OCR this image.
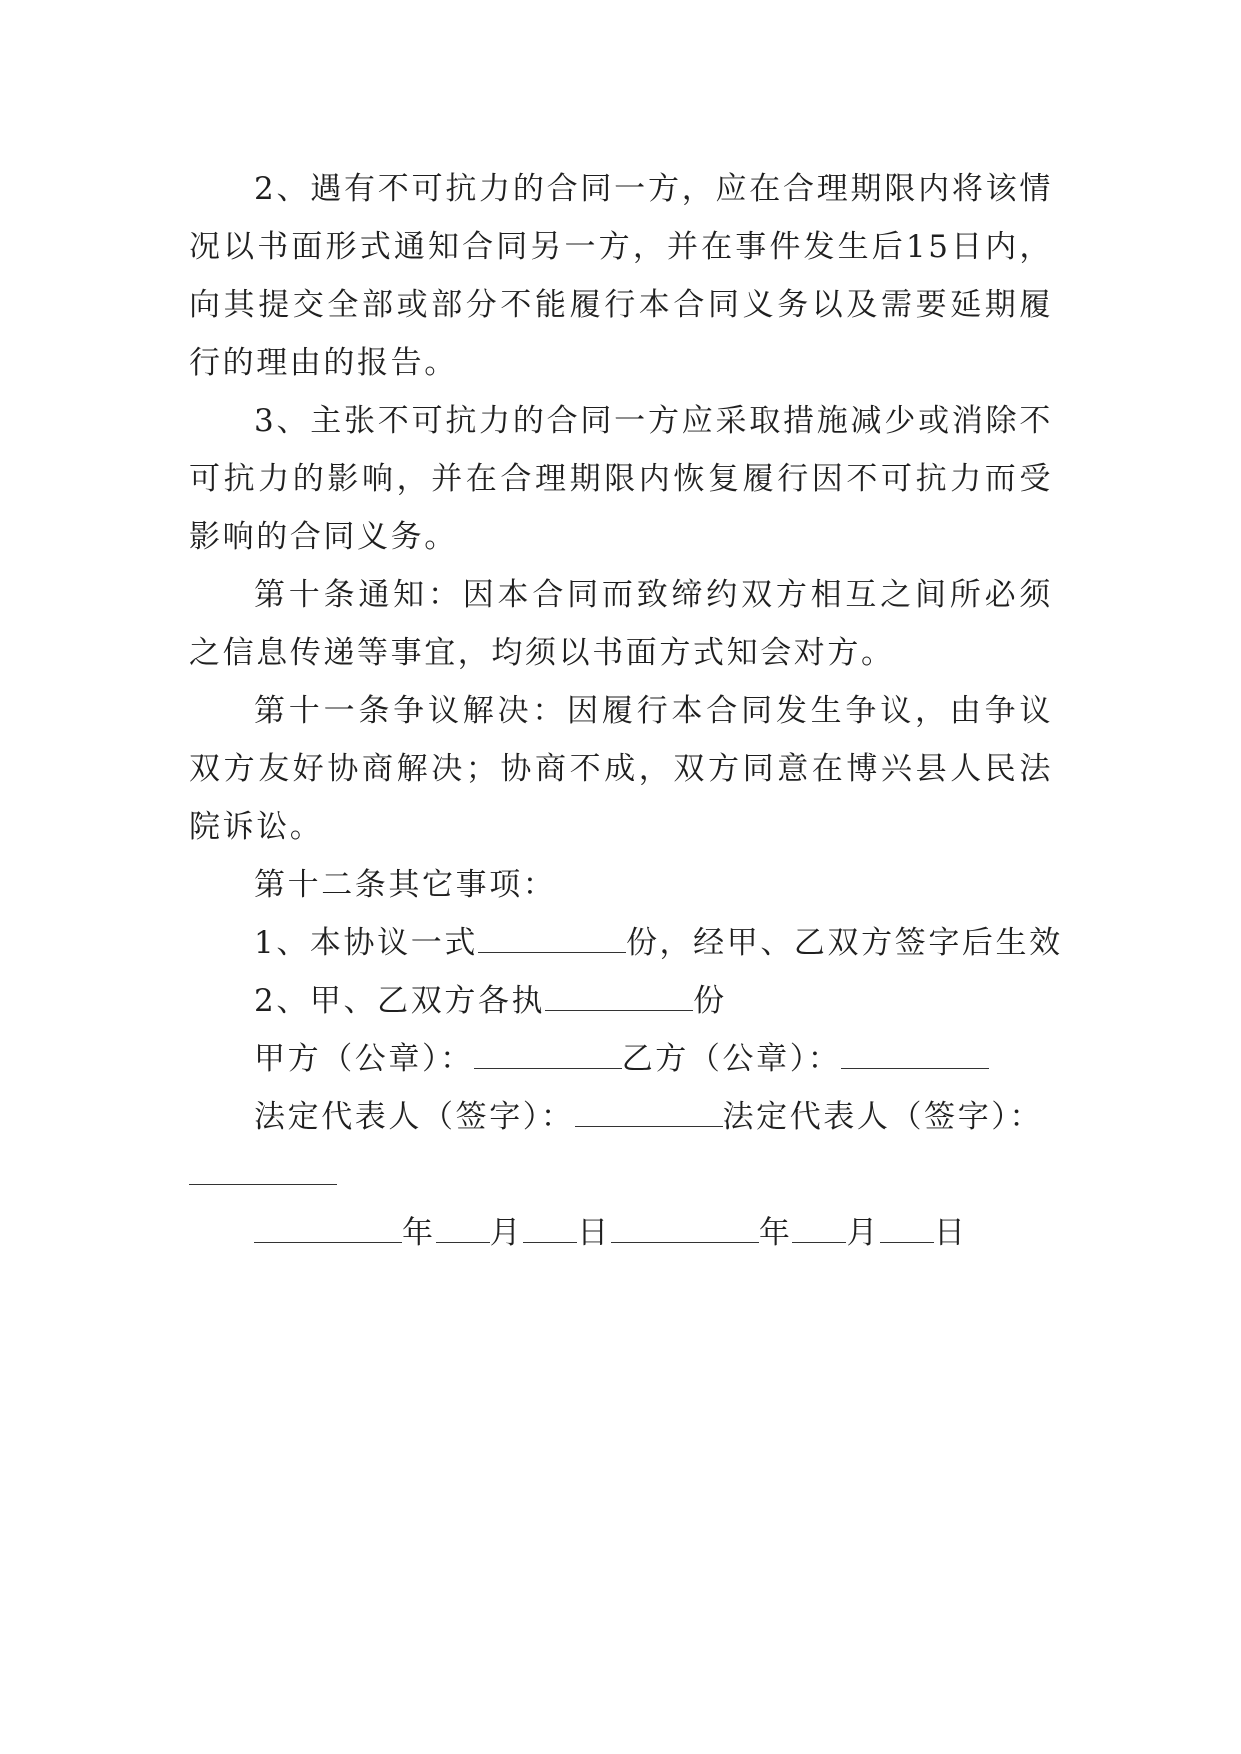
2、遇有不可抗力的合同一方，应在合理期限内将该情况以书面形式通知合同另一方，并在事件发生后15日内，向其提交全部或部分不能履行本合同义务以及需要延期履行的理由的报告。

3、主张不可抗力的合同一方应采取措施减少或消除不可抗力的影响，并在合理期限内恢复履行因不可抗力而受影响的合同义务。

第十条通知：因本合同而致缔约双方相互之间所必须之信息传递等事宜，均须以书面方式知会对方。

第十一条争议解决：因履行本合同发生争议，由争议双方友好协商解决；协商不成，双方同意在博兴县人民法院诉讼。

第十二条其它事项：

1、本协议一式	份，经甲、乙双方签字后生效

2、甲、乙双方各执	份

甲方（公章）：	乙方（公章）：

法定代表人（签字）：	法定代表人（签字）：

年 月 日	年 月 日
